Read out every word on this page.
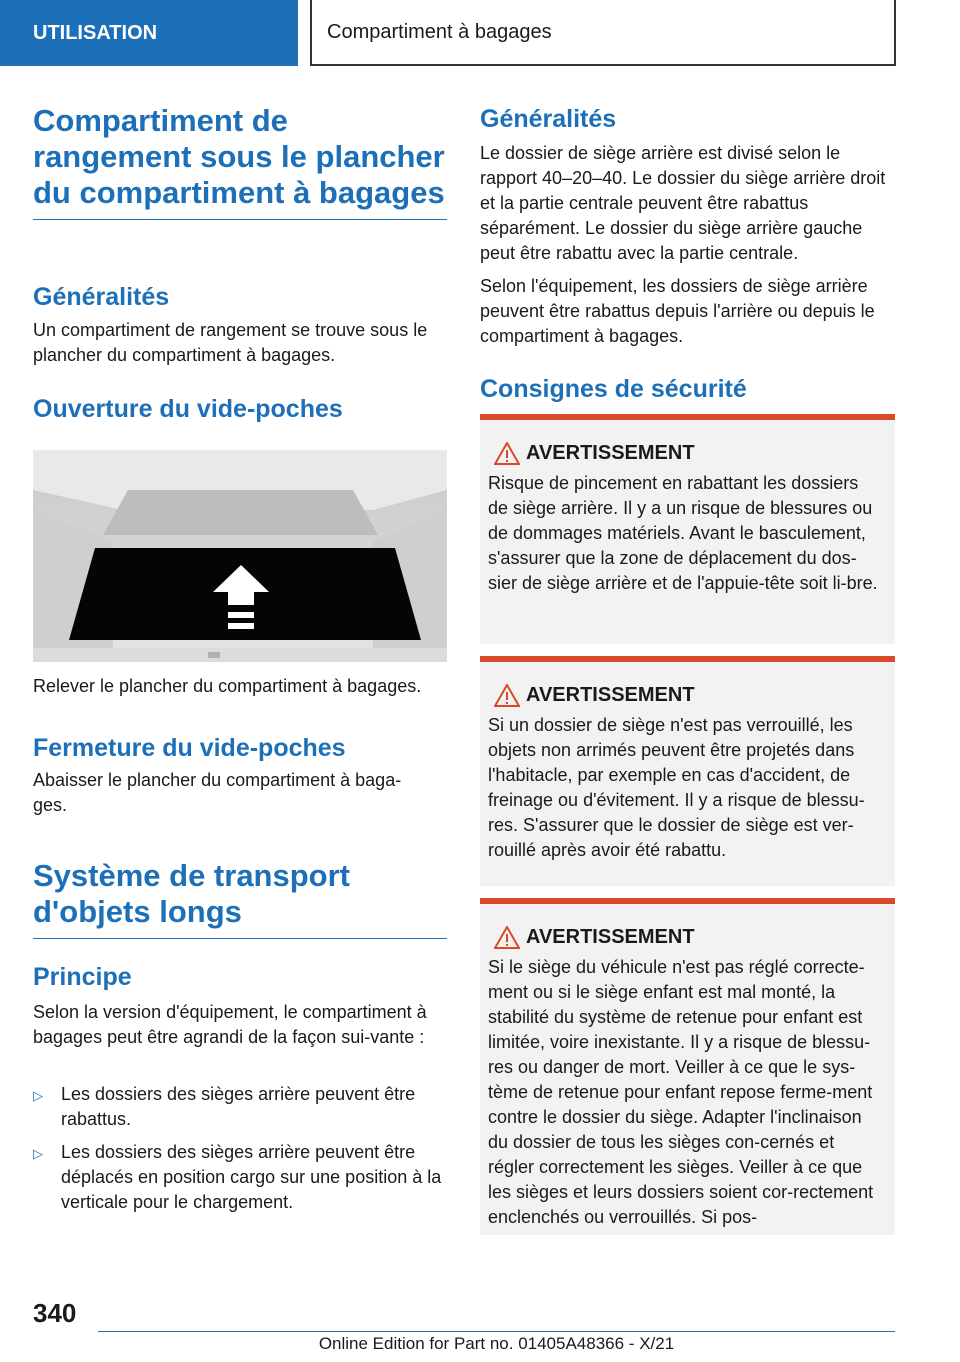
UTILISATION	Compartiment à bagages
Compartiment de rangement sous le plancher du compartiment à bagages
Généralités

Un compartiment de rangement se trouve sous le plancher du compartiment à bagages.

Ouverture du vide-poches

Relever le plancher du compartiment à bagages.

Fermeture du vide-poches

Abaisser le plancher du compartiment à baga-ges.

Système de transport d'objets longs
Principe

Selon la version d'équipement, le compartiment à bagages peut être agrandi de la façon sui-vante :

▷	Les dossiers des sièges arrière peuvent être rabattus.
▷	Les dossiers des sièges arrière peuvent être déplacés en position cargo sur une position à la verticale pour le chargement.
Généralités

Le dossier de siège arrière est divisé selon le rapport 40–20–40. Le dossier du siège arrière droit et la partie centrale peuvent être rabattus séparément. Le dossier du siège arrière gauche peut être rabattu avec la partie centrale.

Selon l'équipement, les dossiers de siège arrière peuvent être rabattus depuis l'arrière ou depuis le compartiment à bagages.

Consignes de sécurité
AVERTISSEMENT
Risque de pincement en rabattant les dossiers de siège arrière. Il y a un risque de blessures ou de dommages matériels. Avant le basculement, s'assurer que la zone de déplacement du dos-sier de siège arrière et de l'appuie-tête soit li-bre.
AVERTISSEMENT
Si un dossier de siège n'est pas verrouillé, les objets non arrimés peuvent être projetés dans l'habitacle, par exemple en cas d'accident, de freinage ou d'évitement. Il y a risque de blessu-res. S'assurer que le dossier de siège est ver-rouillé après avoir été rabattu.
AVERTISSEMENT
Si le siège du véhicule n'est pas réglé correcte-ment ou si le siège enfant est mal monté, la stabilité du système de retenue pour enfant est limitée, voire inexistante. Il y a risque de blessu-res ou danger de mort. Veiller à ce que le sys-tème de retenue pour enfant repose ferme-ment contre le dossier du siège. Adapter l'inclinaison du dossier de tous les sièges con-cernés et régler correctement les sièges. Veiller à ce que les sièges et leurs dossiers soient cor-rectement enclenchés ou verrouillés. Si pos-
340
Online Edition for Part no. 01405A48366 - X/21
